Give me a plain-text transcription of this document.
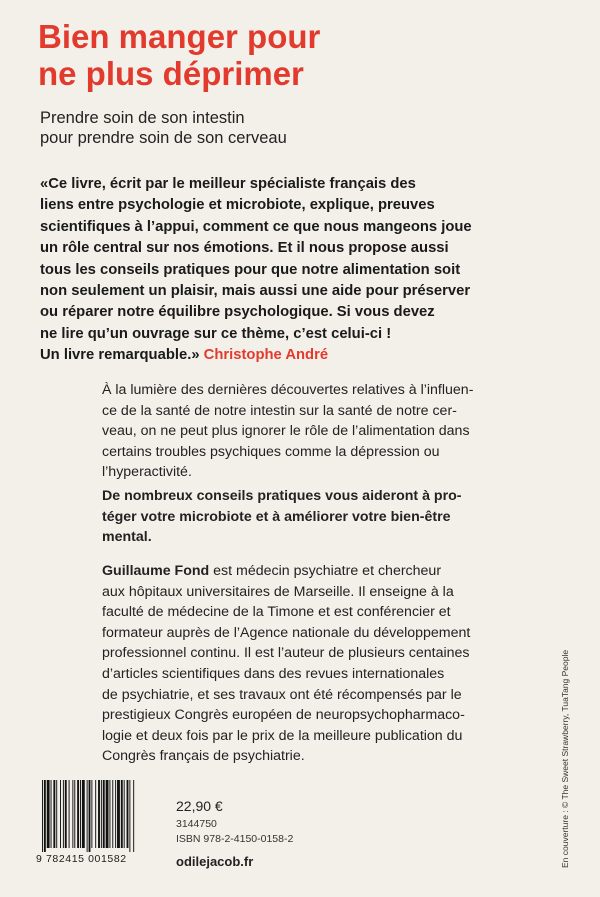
Bien manger pour
ne plus déprimer
Prendre soin de son intestin
pour prendre soin de son cerveau
«Ce livre, écrit par le meilleur spécialiste français des
liens entre psychologie et microbiote, explique, preuves
scientifiques à l’appui, comment ce que nous mangeons joue
un rôle central sur nos émotions. Et il nous propose aussi
tous les conseils pratiques pour que notre alimentation soit
non seulement un plaisir, mais aussi une aide pour préserver
ou réparer notre équilibre psychologique. Si vous devez
ne lire qu’un ouvrage sur ce thème, c’est celui-ci !
Un livre remarquable.» Christophe André
À la lumière des dernières découvertes relatives à l’influen-
ce de la santé de notre intestin sur la santé de notre cer-
veau, on ne peut plus ignorer le rôle de l’alimentation dans
certains troubles psychiques comme la dépression ou
l’hyperactivité.
De nombreux conseils pratiques vous aideront à pro-
téger votre microbiote et à améliorer votre bien-être
mental.
Guillaume Fond est médecin psychiatre et chercheur
aux hôpitaux universitaires de Marseille. Il enseigne à la
faculté de médecine de la Timone et est conférencier et
formateur auprès de l’Agence nationale du développement
professionnel continu. Il est l’auteur de plusieurs centaines
d’articles scientifiques dans des revues internationales
de psychiatrie, et ses travaux ont été récompensés par le
prestigieux Congrès européen de neuropsychopharmaco-
logie et deux fois par le prix de la meilleure publication du
Congrès français de psychiatrie.
9 782415 001582
22,90 €
3144750
ISBN 978-2-4150-0158-2
odilejacob.fr	En couverture : © The Sweet Strawberry, TuaTang People
